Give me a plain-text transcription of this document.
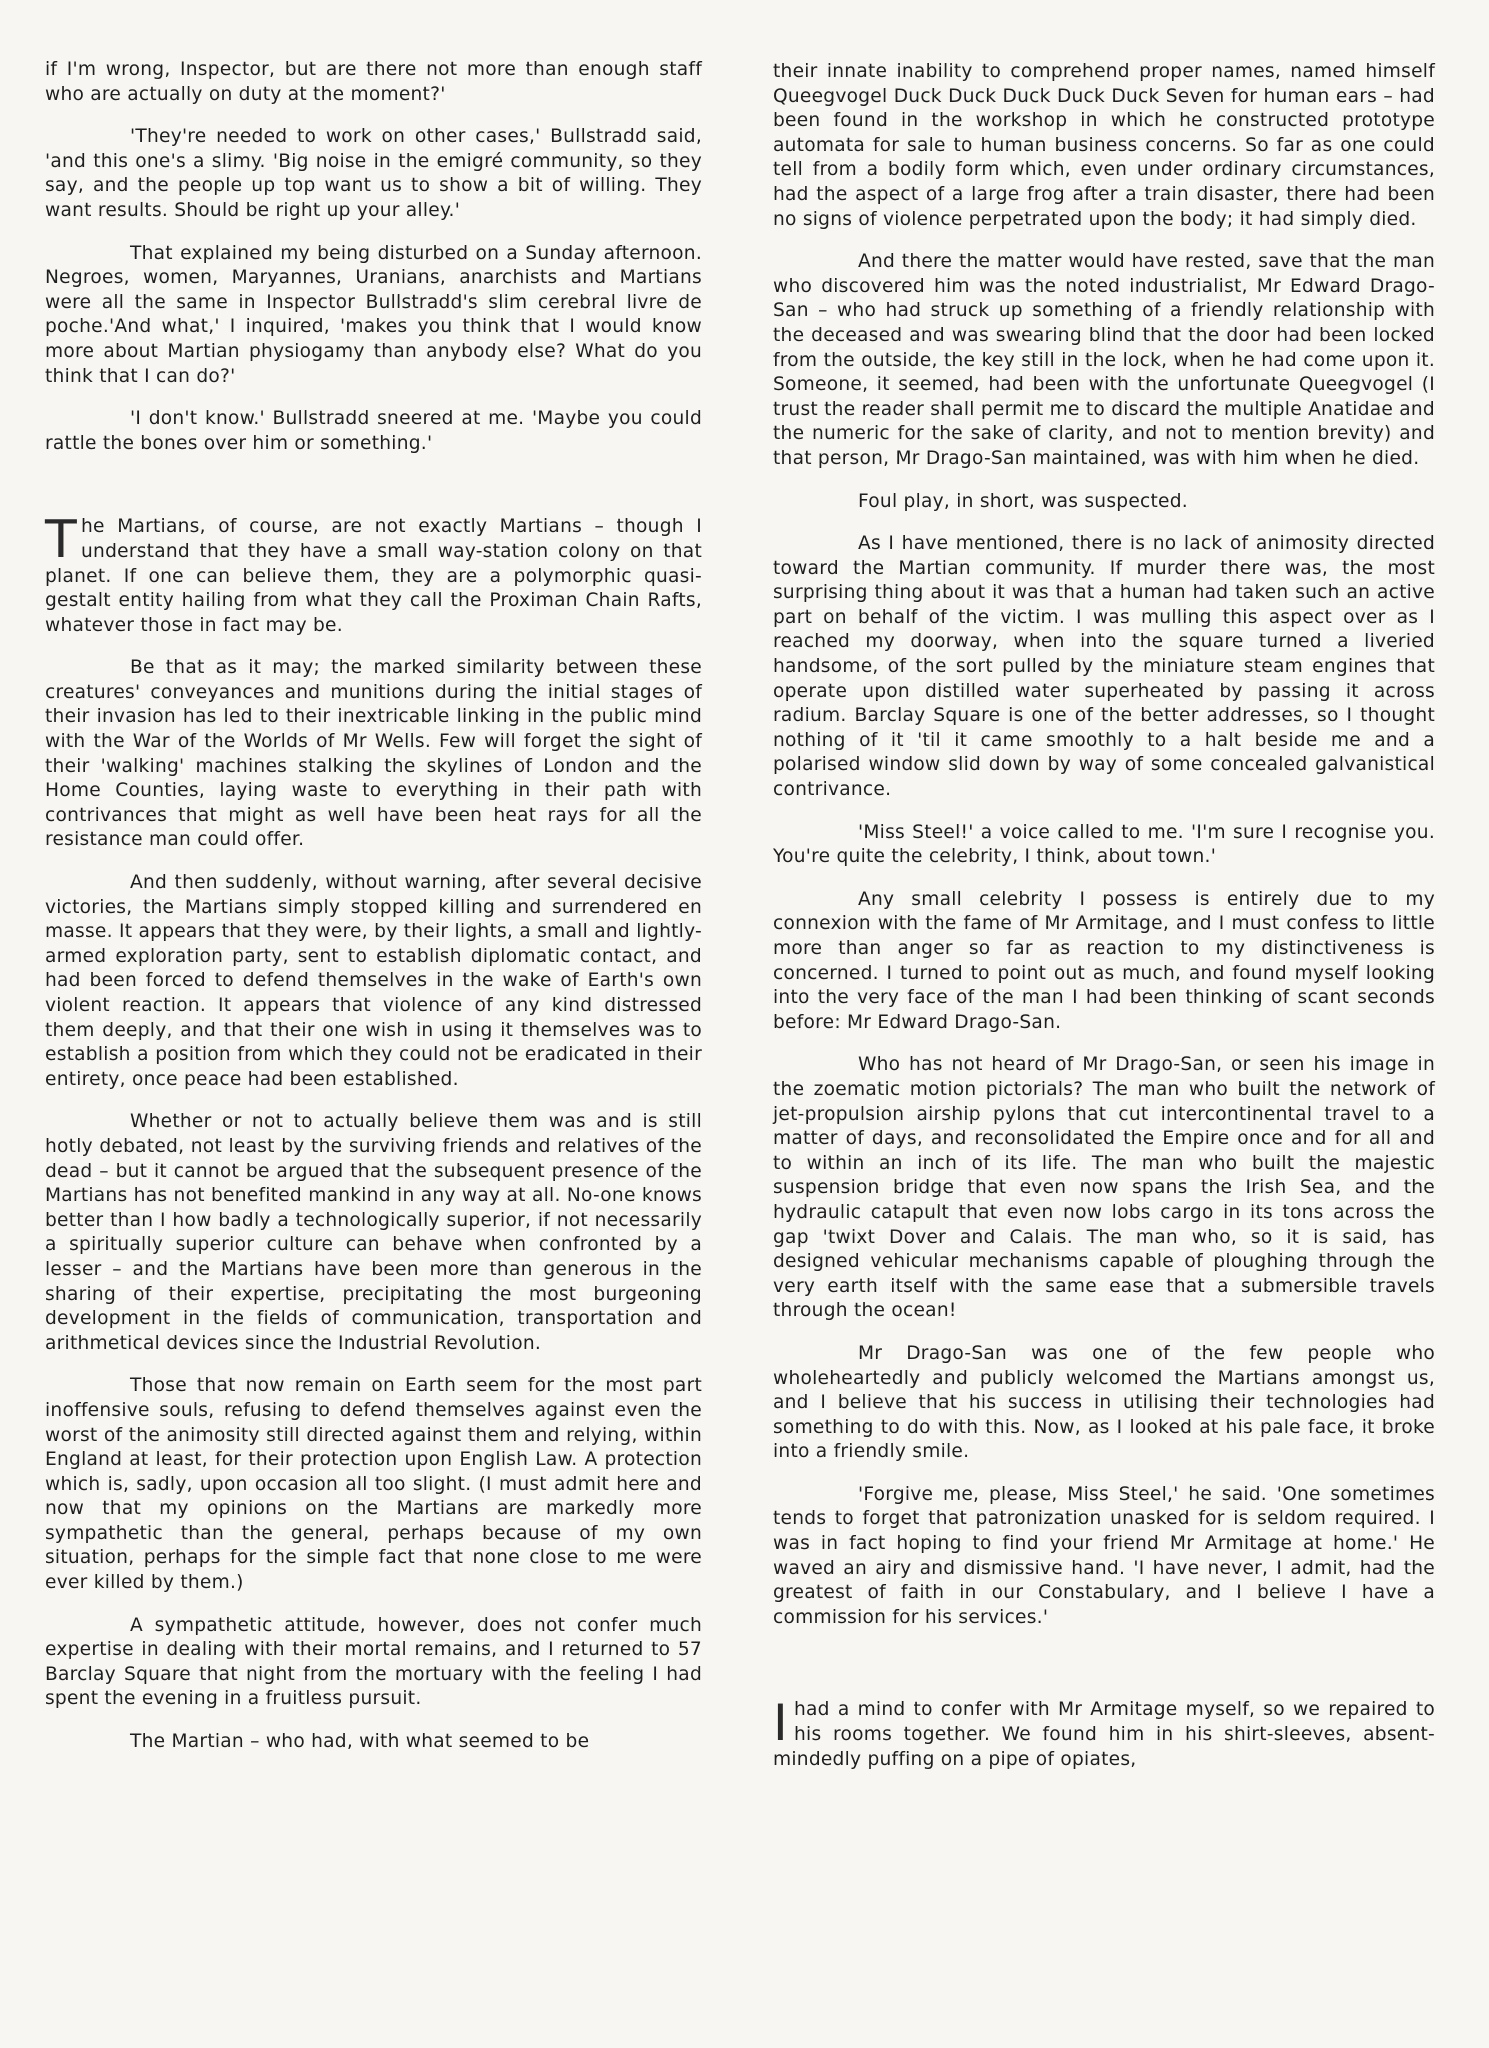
if I'm wrong, Inspector, but are there not more than enough staff who are actually on duty at the moment?'

'They're needed to work on other cases,' Bullstradd said, 'and this one's a slimy. 'Big noise in the emigré community, so they say, and the people up top want us to show a bit of willing. They want results. Should be right up your alley.'

That explained my being disturbed on a Sunday afternoon. Negroes, women, Maryannes, Uranians, anarchists and Martians were all the same in Inspector Bullstradd's slim cerebral livre de poche.'And what,' I inquired, 'makes you think that I would know more about Martian physiogamy than anybody else? What do you think that I can do?'

'I don't know.' Bullstradd sneered at me. 'Maybe you could rattle the bones over him or something.'

The Martians, of course, are not exactly Martians – though I understand that they have a small way-station colony on that planet. If one can believe them, they are a polymorphic quasi-gestalt entity hailing from what they call the Proximan Chain Rafts, whatever those in fact may be.

Be that as it may; the marked similarity between these creatures' conveyances and munitions during the initial stages of their invasion has led to their inextricable linking in the public mind with the War of the Worlds of Mr Wells. Few will forget the sight of their 'walking' machines stalking the skylines of London and the Home Counties, laying waste to everything in their path with contrivances that might as well have been heat rays for all the resistance man could offer.

And then suddenly, without warning, after several decisive victories, the Martians simply stopped killing and surrendered en masse. It appears that they were, by their lights, a small and lightly-armed exploration party, sent to establish diplomatic contact, and had been forced to defend themselves in the wake of Earth's own violent reaction. It appears that violence of any kind distressed them deeply, and that their one wish in using it themselves was to establish a position from which they could not be eradicated in their entirety, once peace had been established.

Whether or not to actually believe them was and is still hotly debated, not least by the surviving friends and relatives of the dead – but it cannot be argued that the subsequent presence of the Martians has not benefited mankind in any way at all. No-one knows better than I how badly a technologically superior, if not necessarily a spiritually superior culture can behave when confronted by a lesser – and the Martians have been more than generous in the sharing of their expertise, precipitating the most burgeoning development in the fields of communication, transportation and arithmetical devices since the Industrial Revolution.

Those that now remain on Earth seem for the most part inoffensive souls, refusing to defend themselves against even the worst of the animosity still directed against them and relying, within England at least, for their protection upon English Law. A protection which is, sadly, upon occasion all too slight. (I must admit here and now that my opinions on the Martians are markedly more sympathetic than the general, perhaps because of my own situation, perhaps for the simple fact that none close to me were ever killed by them.)

A sympathetic attitude, however, does not confer much expertise in dealing with their mortal remains, and I returned to 57 Barclay Square that night from the mortuary with the feeling I had spent the evening in a fruitless pursuit.

The Martian – who had, with what seemed to be

their innate inability to comprehend proper names, named himself Queegvogel Duck Duck Duck Duck Duck Seven for human ears – had been found in the workshop in which he constructed prototype automata for sale to human business concerns. So far as one could tell from a bodily form which, even under ordinary circumstances, had the aspect of a large frog after a train disaster, there had been no signs of violence perpetrated upon the body; it had simply died.

And there the matter would have rested, save that the man who discovered him was the noted industrialist, Mr Edward Drago-San – who had struck up something of a friendly relationship with the deceased and was swearing blind that the door had been locked from the outside, the key still in the lock, when he had come upon it. Someone, it seemed, had been with the unfortunate Queegvogel (I trust the reader shall permit me to discard the multiple Anatidae and the numeric for the sake of clarity, and not to mention brevity) and that person, Mr Drago-San maintained, was with him when he died.

Foul play, in short, was suspected.

As I have mentioned, there is no lack of animosity directed toward the Martian community. If murder there was, the most surprising thing about it was that a human had taken such an active part on behalf of the victim. I was mulling this aspect over as I reached my doorway, when into the square turned a liveried handsome, of the sort pulled by the miniature steam engines that operate upon distilled water superheated by passing it across radium. Barclay Square is one of the better addresses, so I thought nothing of it 'til it came smoothly to a halt beside me and a polarised window slid down by way of some concealed galvanistical contrivance.

'Miss Steel!' a voice called to me. 'I'm sure I recognise you. You're quite the celebrity, I think, about town.'

Any small celebrity I possess is entirely due to my connexion with the fame of Mr Armitage, and I must confess to little more than anger so far as reaction to my distinctiveness is concerned. I turned to point out as much, and found myself looking into the very face of the man I had been thinking of scant seconds before: Mr Edward Drago-San.

Who has not heard of Mr Drago-San, or seen his image in the zoematic motion pictorials? The man who built the network of jet-propulsion airship pylons that cut intercontinental travel to a matter of days, and reconsolidated the Empire once and for all and to within an inch of its life. The man who built the majestic suspension bridge that even now spans the Irish Sea, and the hydraulic catapult that even now lobs cargo in its tons across the gap 'twixt Dover and Calais. The man who, so it is said, has designed vehicular mechanisms capable of ploughing through the very earth itself with the same ease that a submersible travels through the ocean!

Mr Drago-San was one of the few people who wholeheartedly and publicly welcomed the Martians amongst us, and I believe that his success in utilising their technologies had something to do with this. Now, as I looked at his pale face, it broke into a friendly smile.

'Forgive me, please, Miss Steel,' he said. 'One sometimes tends to forget that patronization unasked for is seldom required. I was in fact hoping to find your friend Mr Armitage at home.' He waved an airy and dismissive hand. 'I have never, I admit, had the greatest of faith in our Constabulary, and I believe I have a commission for his services.'

Ihad a mind to confer with Mr Armitage myself, so we repaired to his rooms together. We found him in his shirt-sleeves, absent-mindedly puffing on a pipe of opiates,
